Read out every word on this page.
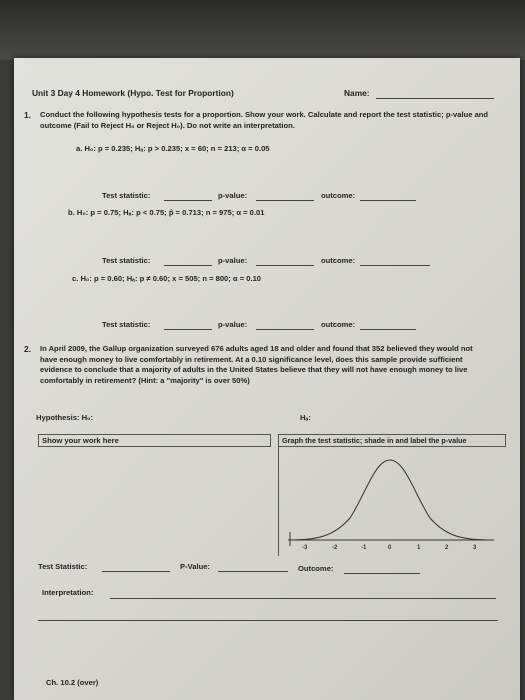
Unit 3 Day 4 Homework (Hypo. Test for Proportion)	Name:
1. Conduct the following hypothesis tests for a proportion. Show your work. Calculate and report the test statistic; p-value and outcome (Fail to Reject H₀ or Reject H₀). Do not write an interpretation.
a. H₀: p = 0.235; Hₐ: p > 0.235; x = 60; n = 213; α = 0.05
Test statistic:	p-value:	outcome:
b. H₀: p = 0.75; Hₐ: p < 0.75; p̂ = 0.713; n = 975; α = 0.01
Test statistic:	p-value:	outcome:
c. H₀: p = 0.60; Hₐ: p ≠ 0.60; x = 505; n = 800; α = 0.10
Test statistic:	p-value:	outcome:
2. In April 2009, the Gallup organization surveyed 676 adults aged 18 and older and found that 352 believed they would not have enough money to live comfortably in retirement. At a 0.10 significance level, does this sample provide sufficient evidence to conclude that a majority of adults in the United States believe that they will not have enough money to live comfortably in retirement? (Hint: a "majority" is over 50%)
Hypothesis: H₀:	Hₐ:
Show your work here	Graph the test statistic; shade in and label the p-value
-3	-2	-1	0	1	2	3
Test Statistic:	P-Value:	Outcome:
Interpretation:
Ch. 10.2 (over)
